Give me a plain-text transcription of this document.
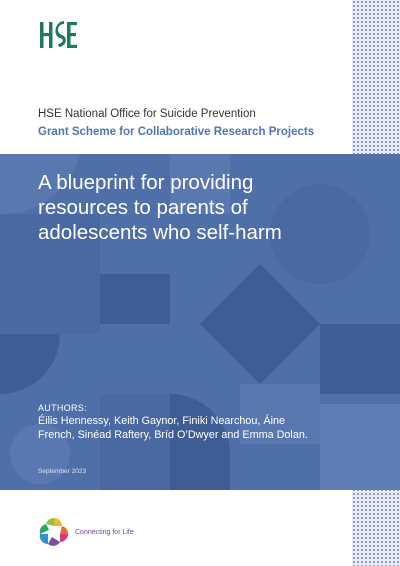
HSE National Office for Suicide Prevention

Grant Scheme for Collaborative Research Projects

A blueprint for providing resources to parents of adolescents who self-harm
AUTHORS:
Éilis Hennessy, Keith Gaynor, Finiki Nearchou, Áine French, Sinéad Raftery, Bríd O’Dwyer and Emma Dolan.
September 2023
Connecting for Life
